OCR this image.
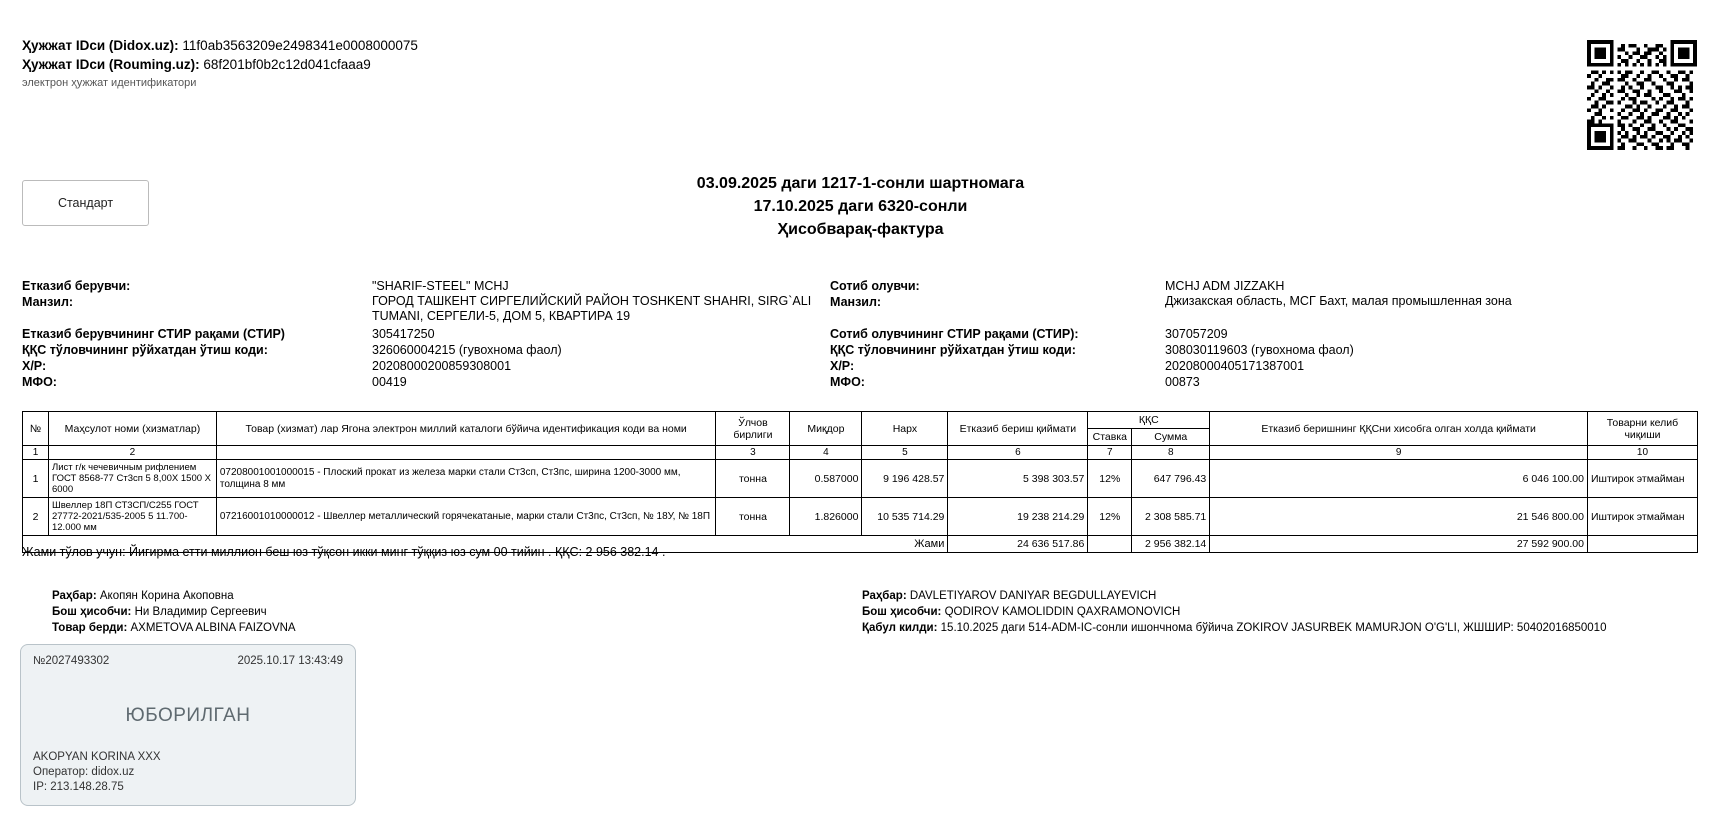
Ҳужжат IDси (Didox.uz): 11f0ab3563209e2498341e0008000075
Ҳужжат IDси (Rouming.uz): 68f201bf0b2c12d041cfaaa9
электрон ҳужжат идентификатори
Стандарт
03.09.2025 даги 1217-1-сонли шартномага
17.10.2025 даги 6320-сонли
Ҳисобварақ-фактура
Етказиб берувчи:	"SHARIF-STEEL" MCHJ
Манзил:	ГОРОД ТАШКЕНТ СИРГЕЛИЙСКИЙ РАЙОН TOSHKENT SHAHRI, SIRG`ALI TUMANI, СЕРГЕЛИ-5, ДОМ 5, КВАРТИРА 19
Етказиб берувчининг СТИР рақами (СТИР)	305417250
ҚҚС тўловчининг рўйхатдан ўтиш коди:	326060004215 (гувохнома фаол)
Х/Р:	20208000200859308001
МФО:	00419
Сотиб олувчи:	MCHJ ADM JIZZAKH
Манзил:	Джизакская область, МСГ Бахт, малая промышленная зона
Сотиб олувчининг СТИР рақами (СТИР):	307057209
ҚҚС тўловчининг рўйхатдан ўтиш коди:	308030119603 (гувохнома фаол)
Х/Р:	20208000405171387001
МФО:	00873
№	Маҳсулот номи (хизматлар)	Товар (хизмат) лар Ягона электрон миллий каталоги бўйича идентификация коди ва номи	Ўлчов бирлиги	Миқдор	Нарх	Етказиб бериш қиймати	ҚҚС		Етказиб беришнинг ҚҚСни хисобга олган холда қиймати	Товарни келиб чиқиши
							Ставка	Сумма		
1	2		3	4	5	6	7	8	9	10
1	Лист г/к чечевичным рифлением ГОСТ 8568-77 Ст3сп 5 8,00X 1500 X 6000	07208001001000015 - Плоский прокат из железа марки стали Ст3сп, Ст3пс, ширина 1200-3000 мм, толщина 8 мм	тонна	0.587000	9 196 428.57	5 398 303.57	12%	647 796.43	6 046 100.00	Иштирок этмайман
2	Швеллер 18П СТ3СП/С255 ГОСТ 27772-2021/535-2005 5 11.700-12.000 мм	07216001010000012 - Швеллер металлический горячекатаные, марки стали Ст3пс, Ст3сп, № 18У, № 18П	тонна	1.826000	10 535 714.29	19 238 214.29	12%	2 308 585.71	21 546 800.00	Иштирок этмайман
Жами						24 636 517.86		2 956 382.14	27 592 900.00	
Жами тўлов учун: Йигирма етти миллион беш юз тўқсон икки минг тўққиз юз сум 00 тийин . ҚҚС: 2 956 382.14 .
Раҳбар: Акопян Корина Акоповна
Бош ҳисобчи: Ни Владимир Сергеевич
Товар берди: AXMETOVA ALBINA FAIZOVNA
Раҳбар: DAVLETIYAROV DANIYAR BEGDULLAYEVICH
Бош ҳисобчи: QODIROV KAMOLIDDIN QAXRAMONOVICH
Қабул килди: 15.10.2025 даги 514-ADM-IC-сонли ишончнома бўйича ZOKIROV JASURBEK MAMURJON O'G'LI, ЖШШИР: 50402016850010
№2027493302	2025.10.17 13:43:49
ЮБОРИЛГАН
AKOPYAN KORINA XXX
Оператор: didox.uz
IP: 213.148.28.75
